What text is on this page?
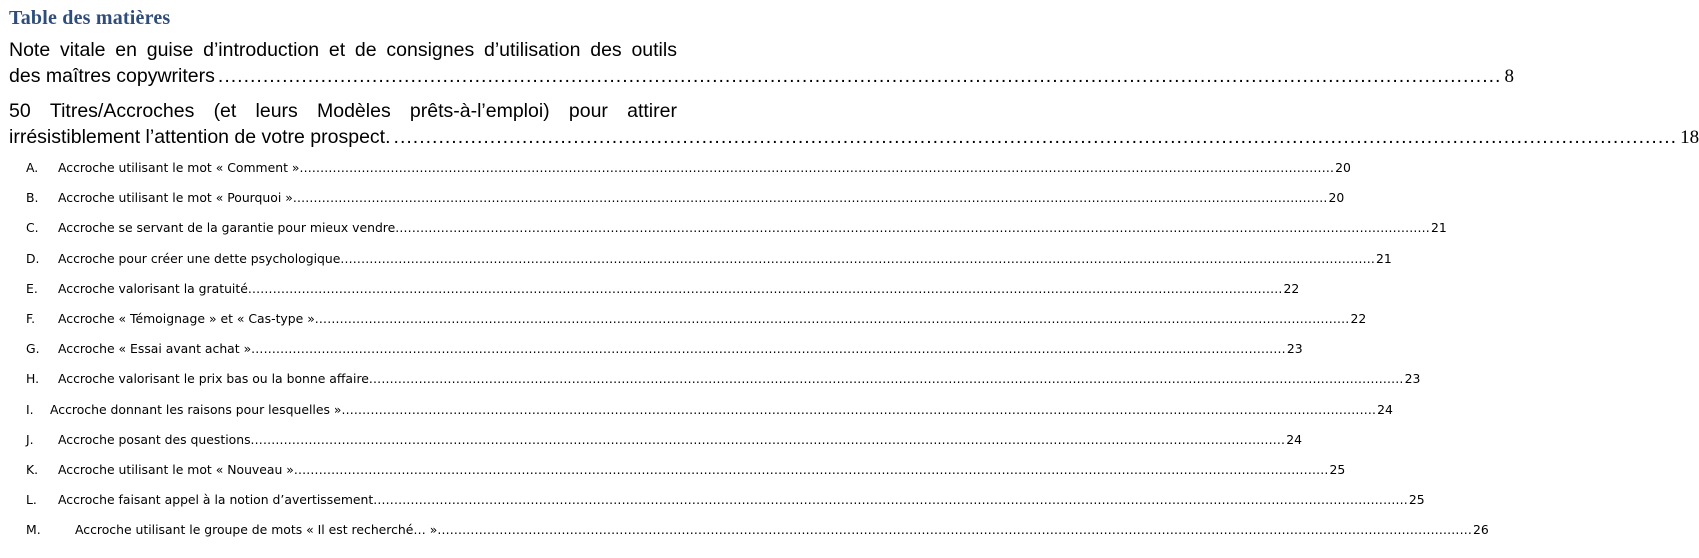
Table des matières
Note vitale en guise d’introduction et de consignes d’utilisation des outils
des maîtres copywriters ........................................................................................................................................................................................................ 8
50 Titres/Accroches (et leurs Modèles prêts-à-l’emploi) pour attirer
irrésistiblement l’attention de votre prospect. ........................................................................................................................................................................................................ 18
A. Accroche utilisant le mot « Comment » .......................................................................................................................................................................................................................................................... 20
B. Accroche utilisant le mot « Pourquoi » .......................................................................................................................................................................................................................................................... 20
C. Accroche se servant de la garantie pour mieux vendre .......................................................................................................................................................................................................................................................... 21
D. Accroche pour créer une dette psychologique .......................................................................................................................................................................................................................................................... 21
E. Accroche valorisant la gratuité .......................................................................................................................................................................................................................................................... 22
F. Accroche « Témoignage » et « Cas-type » .......................................................................................................................................................................................................................................................... 22
G. Accroche « Essai avant achat » .......................................................................................................................................................................................................................................................... 23
H. Accroche valorisant le prix bas ou la bonne affaire .......................................................................................................................................................................................................................................................... 23
I. Accroche donnant les raisons pour lesquelles » .......................................................................................................................................................................................................................................................... 24
J. Accroche posant des questions .......................................................................................................................................................................................................................................................... 24
K. Accroche utilisant le mot « Nouveau » .......................................................................................................................................................................................................................................................... 25
L. Accroche faisant appel à la notion d’avertissement .......................................................................................................................................................................................................................................................... 25
M.	Accroche utilisant le groupe de mots « Il est recherché… » .......................................................................................................................................................................................................................................................... 26
